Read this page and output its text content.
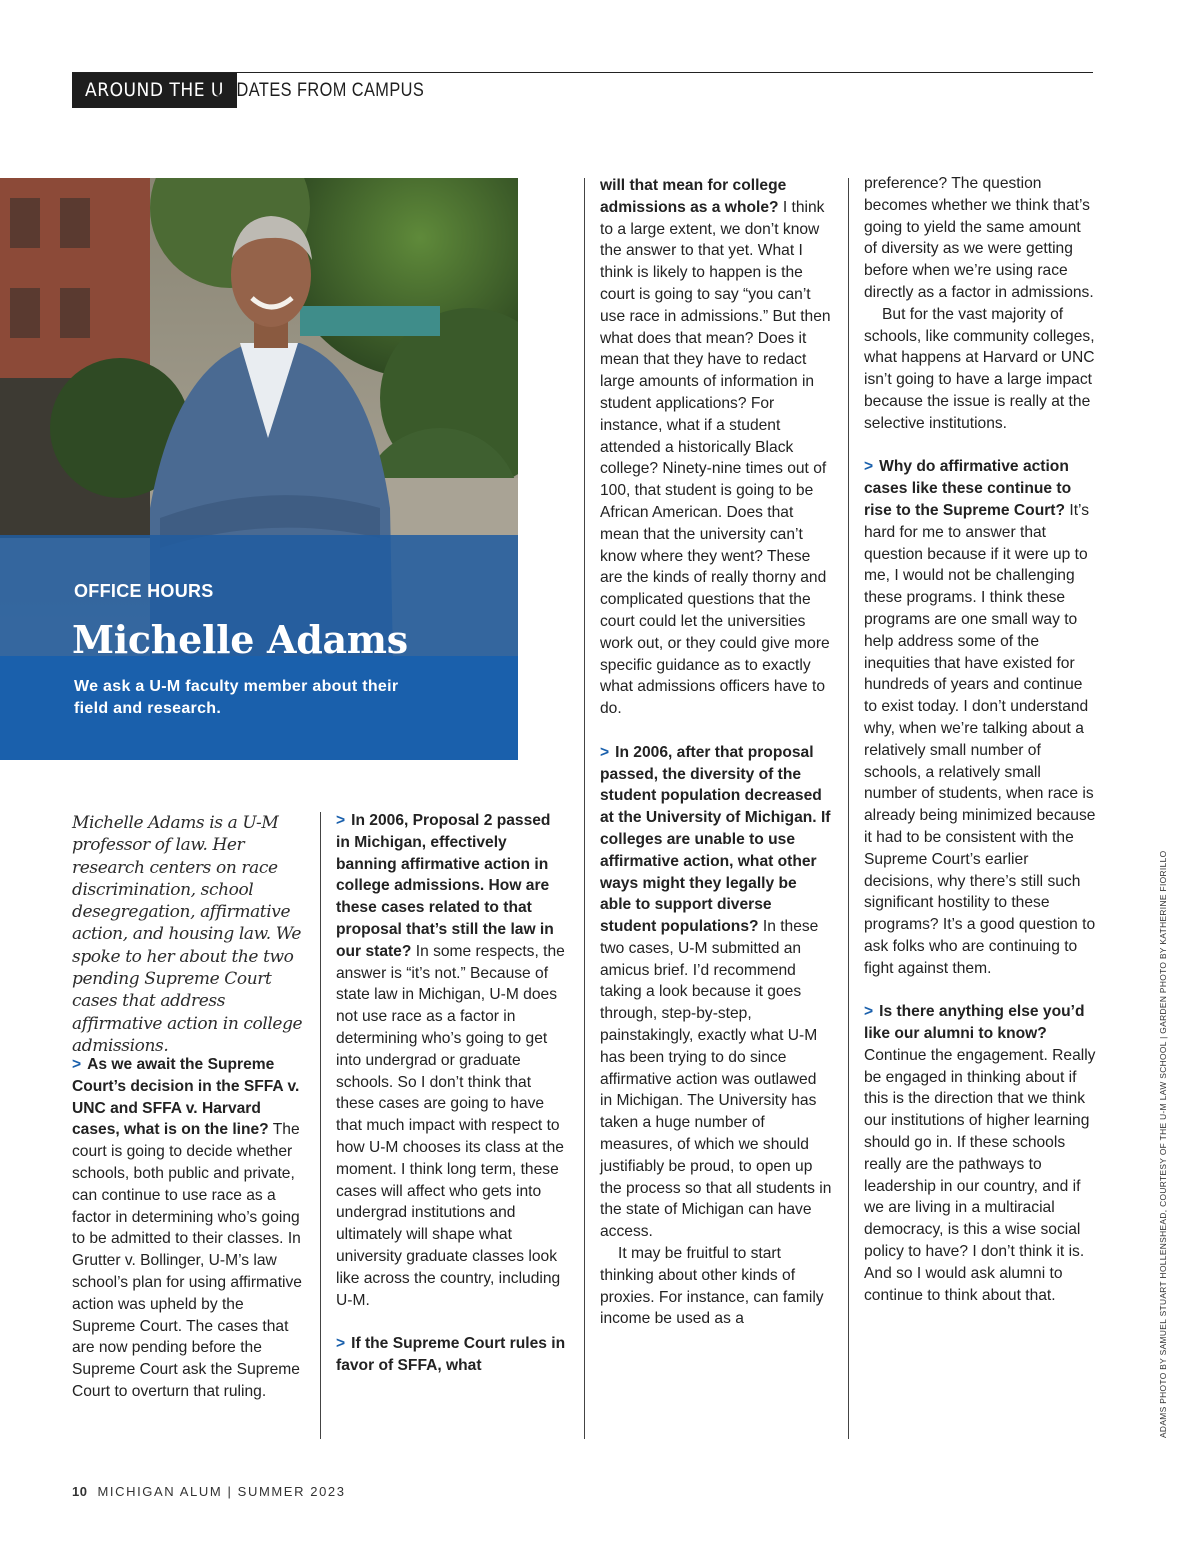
AROUND THE U
UPDATES FROM CAMPUS
OFFICE HOURS
Michelle Adams
We ask a U-M faculty member about their field and research.
Michelle Adams is a U-M professor of law. Her research centers on race discrimination, school desegregation, affirmative action, and housing law. We spoke to her about the two pending Supreme Court cases that address affirmative action in college admissions.

> As we await the Supreme Court’s decision in the SFFA v. UNC and SFFA v. Harvard cases, what is on the line? The court is going to decide whether schools, both public and private, can continue to use race as a factor in determining who’s going to be admitted to their classes. In Grutter v. Bollinger, U-M’s law school’s plan for using affirmative action was upheld by the Supreme Court. The cases that are now pending before the Supreme Court ask the Supreme Court to overturn that ruling.

> In 2006, Proposal 2 passed in Michigan, effectively banning affirmative action in college admissions. How are these cases related to that proposal that’s still the law in our state? In some respects, the answer is “it’s not.” Because of state law in Michigan, U-M does not use race as a factor in determining who’s going to get into undergrad or graduate schools. So I don’t think that these cases are going to have that much impact with respect to how U-M chooses its class at the moment. I think long term, these cases will affect who gets into undergrad institutions and ultimately will shape what university graduate classes look like across the country, including U-M.

> If the Supreme Court rules in favor of SFFA, what

will that mean for college admissions as a whole? I think to a large extent, we don’t know the answer to that yet. What I think is likely to happen is the court is going to say “you can’t use race in admissions.” But then what does that mean? Does it mean that they have to redact large amounts of information in student applications? For instance, what if a student attended a historically Black college? Ninety-nine times out of 100, that student is going to be African American. Does that mean that the university can’t know where they went? These are the kinds of really thorny and complicated questions that the court could let the universities work out, or they could give more specific guidance as to exactly what admissions officers have to do.

> In 2006, after that proposal passed, the diversity of the student population decreased at the University of Michigan. If colleges are unable to use affirmative action, what other ways might they legally be able to support diverse student populations? In these two cases, U-M submitted an amicus brief. I’d recommend taking a look because it goes through, step-by-step, painstakingly, exactly what U-M has been trying to do since affirmative action was outlawed in Michigan. The University has taken a huge number of measures, of which we should justifiably be proud, to open up the process so that all students in the state of Michigan can have access.

It may be fruitful to start thinking about other kinds of proxies. For instance, can family income be used as a

preference? The question becomes whether we think that’s going to yield the same amount of diversity as we were getting before when we’re using race directly as a factor in admissions.

But for the vast majority of schools, like community colleges, what happens at Harvard or UNC isn’t going to have a large impact because the issue is really at the selective institutions.

> Why do affirmative action cases like these continue to rise to the Supreme Court? It’s hard for me to answer that question because if it were up to me, I would not be challenging these programs. I think these programs are one small way to help address some of the inequities that have existed for hundreds of years and continue to exist today. I don’t understand why, when we’re talking about a relatively small number of schools, a relatively small number of students, when race is already being minimized because it had to be consistent with the Supreme Court’s earlier decisions, why there’s still such significant hostility to these programs? It’s a good question to ask folks who are continuing to fight against them.

> Is there anything else you’d like our alumni to know? Continue the engagement. Really be engaged in thinking about if this is the direction that we think our institutions of higher learning should go in. If these schools really are the pathways to leadership in our country, and if we are living in a multiracial democracy, is this a wise social policy to have? I don’t think it is. And so I would ask alumni to continue to think about that.	ADAMS PHOTO BY SAMUEL STUART HOLLENSHEAD, COURTESY OF THE U-M LAW SCHOOL | GARDEN PHOTO BY KATHERINE FIORILLO
10 MICHIGAN ALUM | SUMMER 2023
